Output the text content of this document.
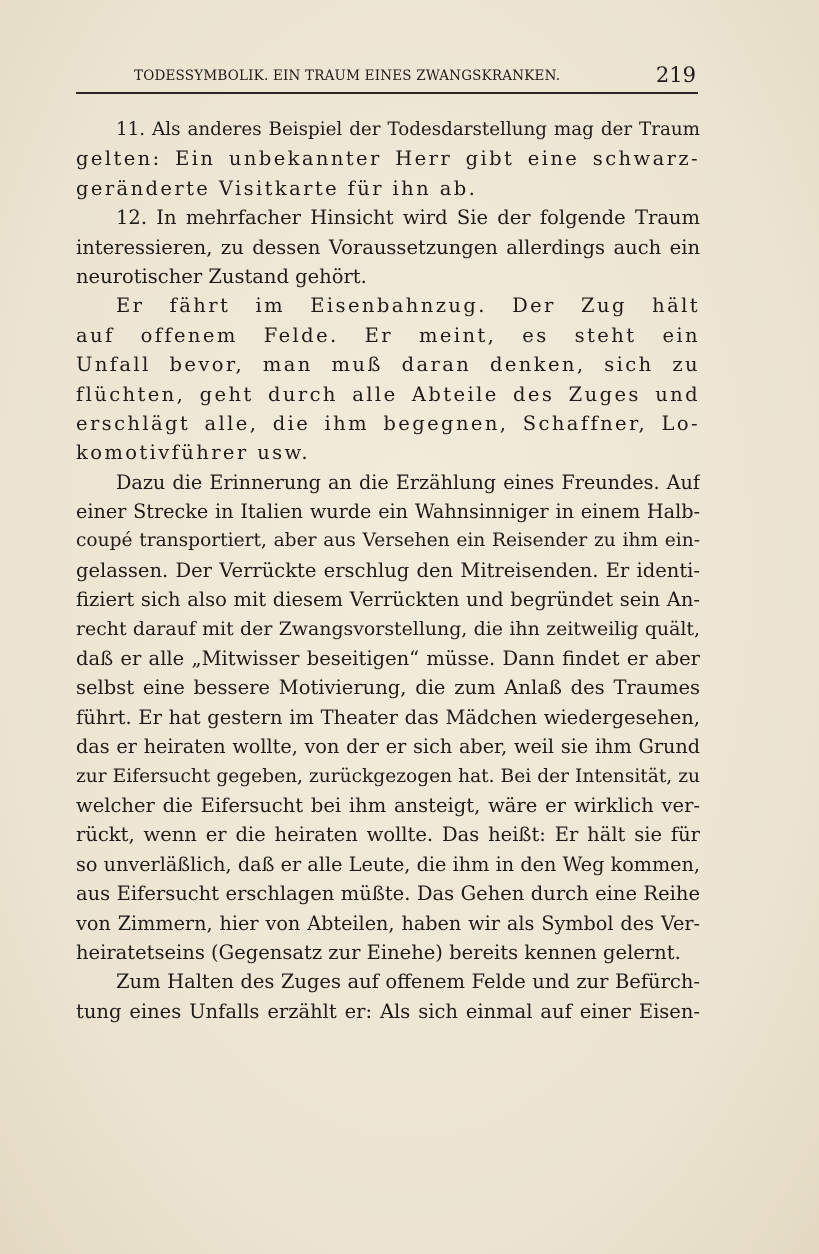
TODESSYMBOLIK. EIN TRAUM EINES ZWANGSKRANKEN.	219
11. Als anderes Beispiel der Todesdarstellung mag der Traum
gelten: Ein unbekannter Herr gibt eine schwarz-
geränderte Visitkarte für ihn ab.
12. In mehrfacher Hinsicht wird Sie der folgende Traum
interessieren, zu dessen Voraussetzungen allerdings auch ein
neurotischer Zustand gehört.
Er fährt im Eisenbahnzug. Der Zug hält
auf offenem Felde. Er meint, es steht ein
Unfall bevor, man muß daran denken, sich zu
flüchten, geht durch alle Abteile des Zuges und
erschlägt alle, die ihm begegnen, Schaffner, Lo-
komotivführer usw.
Dazu die Erinnerung an die Erzählung eines Freundes. Auf
einer Strecke in Italien wurde ein Wahnsinniger in einem Halb-
coupé transportiert, aber aus Versehen ein Reisender zu ihm ein-
gelassen. Der Verrückte erschlug den Mitreisenden. Er identi-
fiziert sich also mit diesem Verrückten und begründet sein An-
recht darauf mit der Zwangsvorstellung, die ihn zeitweilig quält,
daß er alle „Mitwisser beseitigen“ müsse. Dann findet er aber
selbst eine bessere Motivierung, die zum Anlaß des Traumes
führt. Er hat gestern im Theater das Mädchen wiedergesehen,
das er heiraten wollte, von der er sich aber, weil sie ihm Grund
zur Eifersucht gegeben, zurückgezogen hat. Bei der Intensität, zu
welcher die Eifersucht bei ihm ansteigt, wäre er wirklich ver-
rückt, wenn er die heiraten wollte. Das heißt: Er hält sie für
so unverläßlich, daß er alle Leute, die ihm in den Weg kommen,
aus Eifersucht erschlagen müßte. Das Gehen durch eine Reihe
von Zimmern, hier von Abteilen, haben wir als Symbol des Ver-
heiratetseins (Gegensatz zur Einehe) bereits kennen gelernt.
Zum Halten des Zuges auf offenem Felde und zur Befürch-
tung eines Unfalls erzählt er: Als sich einmal auf einer Eisen-
